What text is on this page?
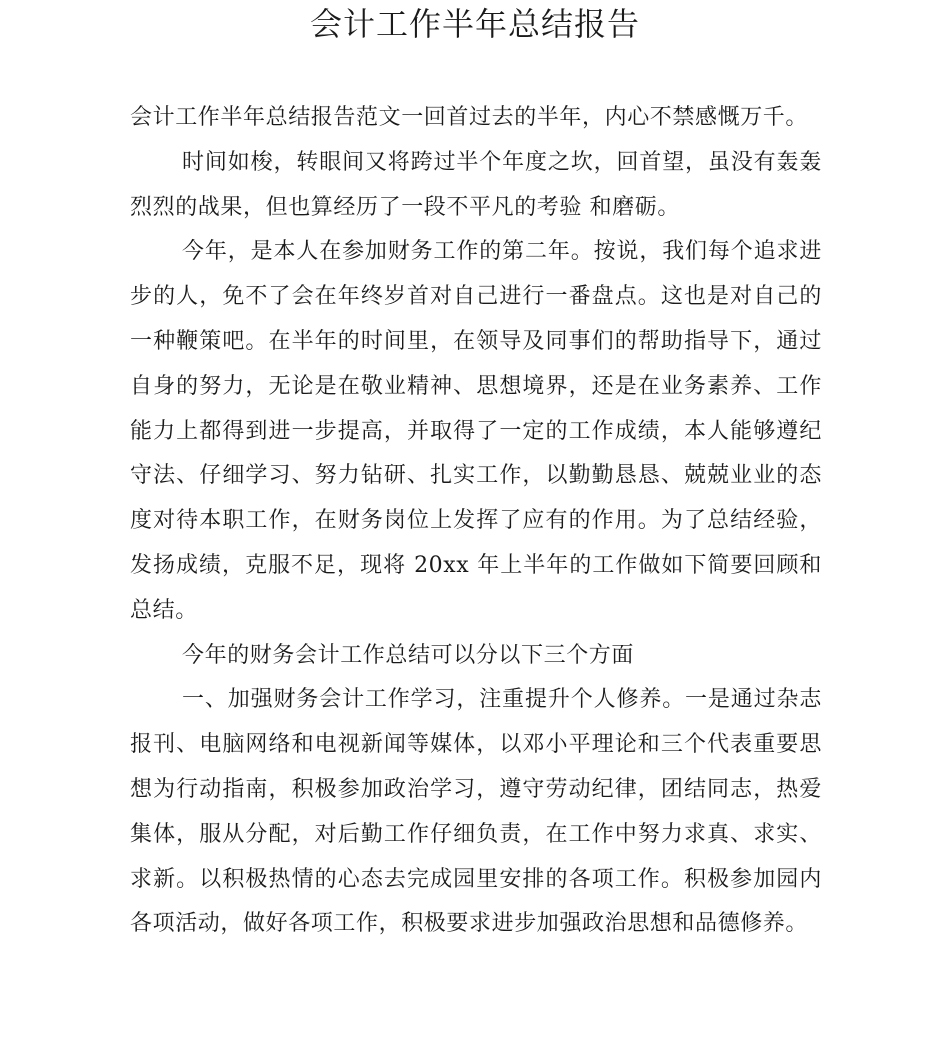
会计工作半年总结报告

会计工作半年总结报告范文一回首过去的半年，内心不禁感慨万千。

时间如梭，转眼间又将跨过半个年度之坎，回首望，虽没有轰轰烈烈的战果，但也算经历了一段不平凡的考验 和磨砺。

今年，是本人在参加财务工作的第二年。按说，我们每个追求进步的人，免不了会在年终岁首对自己进行一番盘点。这也是对自己的一种鞭策吧。在半年的时间里，在领导及同事们的帮助指导下，通过自身的努力，无论是在敬业精神、思想境界，还是在业务素养、工作能力上都得到进一步提高，并取得了一定的工作成绩，本人能够遵纪守法、仔细学习、努力钻研、扎实工作，以勤勤恳恳、兢兢业业的态度对待本职工作，在财务岗位上发挥了应有的作用。为了总结经验，发扬成绩，克服不足，现将 20xx 年上半年的工作做如下简要回顾和总结。

今年的财务会计工作总结可以分以下三个方面

一、加强财务会计工作学习，注重提升个人修养。一是通过杂志报刊、电脑网络和电视新闻等媒体，以邓小平理论和三个代表重要思想为行动指南，积极参加政治学习，遵守劳动纪律，团结同志，热爱集体，服从分配，对后勤工作仔细负责，在工作中努力求真、求实、求新。以积极热情的心态去完成园里安排的各项工作。积极参加园内各项活动，做好各项工作，积极要求进步加强政治思想和品德修养。
